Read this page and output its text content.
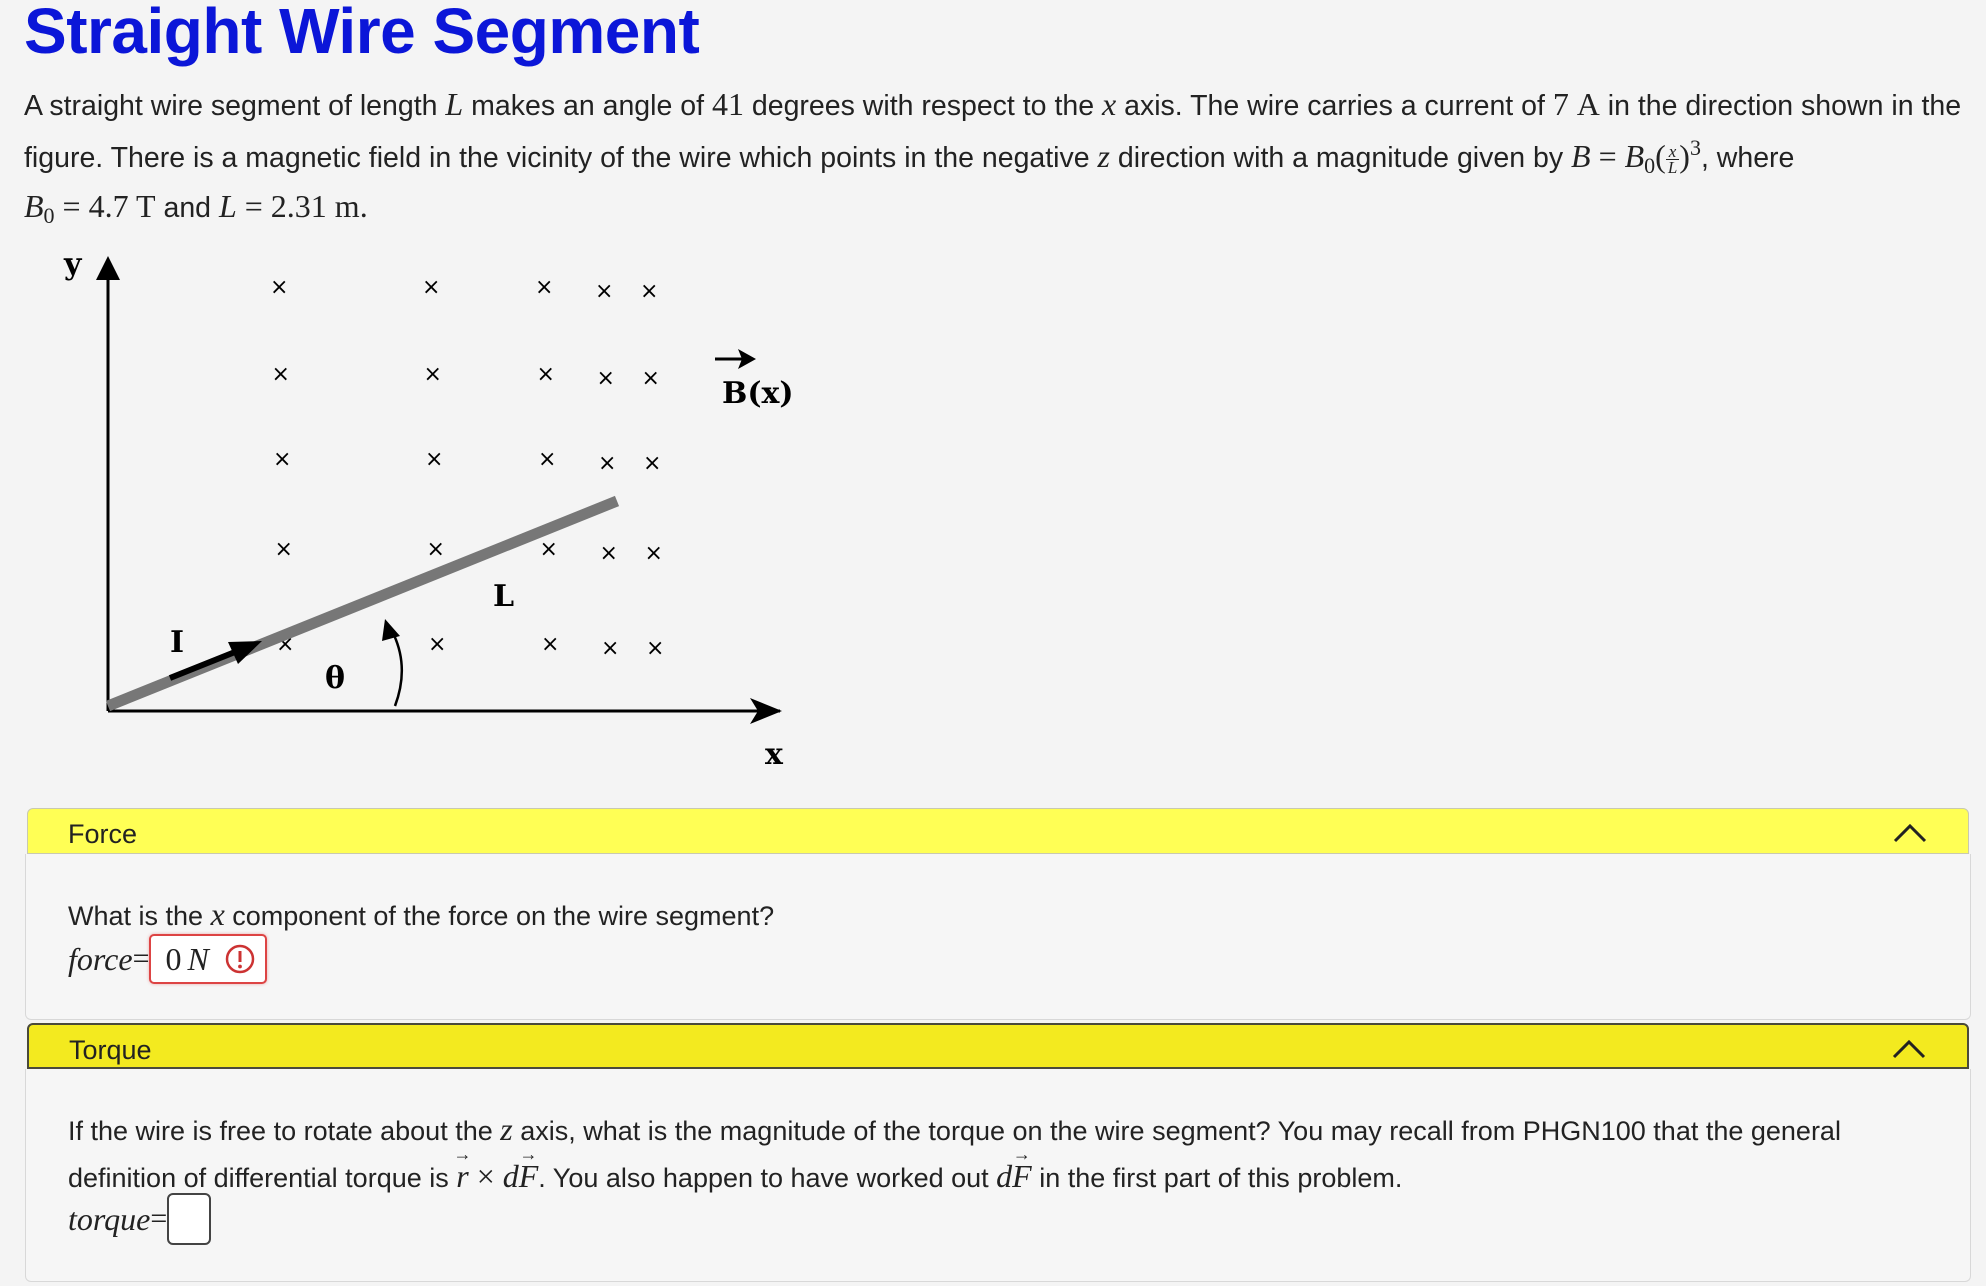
Straight Wire Segment
A straight wire segment of length L makes an angle of 41 degrees with respect to the x axis. The wire carries a current of 7 A in the direction shown in the figure. There is a magnetic field in the vicinity of the wire which points in the negative z direction with a magnitude given by $B = B_0( \frac{x}{L} )^3$, where
$B_0 = 4.7$ T and L = 2.31 m.
y
x
×	×	× × ×
×	×	× × ×
×	×	× × ×
×	×	× × ×
×	×	× × ×
I
θ
L
B(x)
Force
What is the x component of the force on the wire segment?
force = 0 N
Torque
If the wire is free to rotate about the z axis, what is the magnitude of the torque on the wire segment? You may recall from PHGN100 that the general definition of differential torque is → r × d→ F. You also happen to have worked out d→ F in the first part of this problem.
torque =
